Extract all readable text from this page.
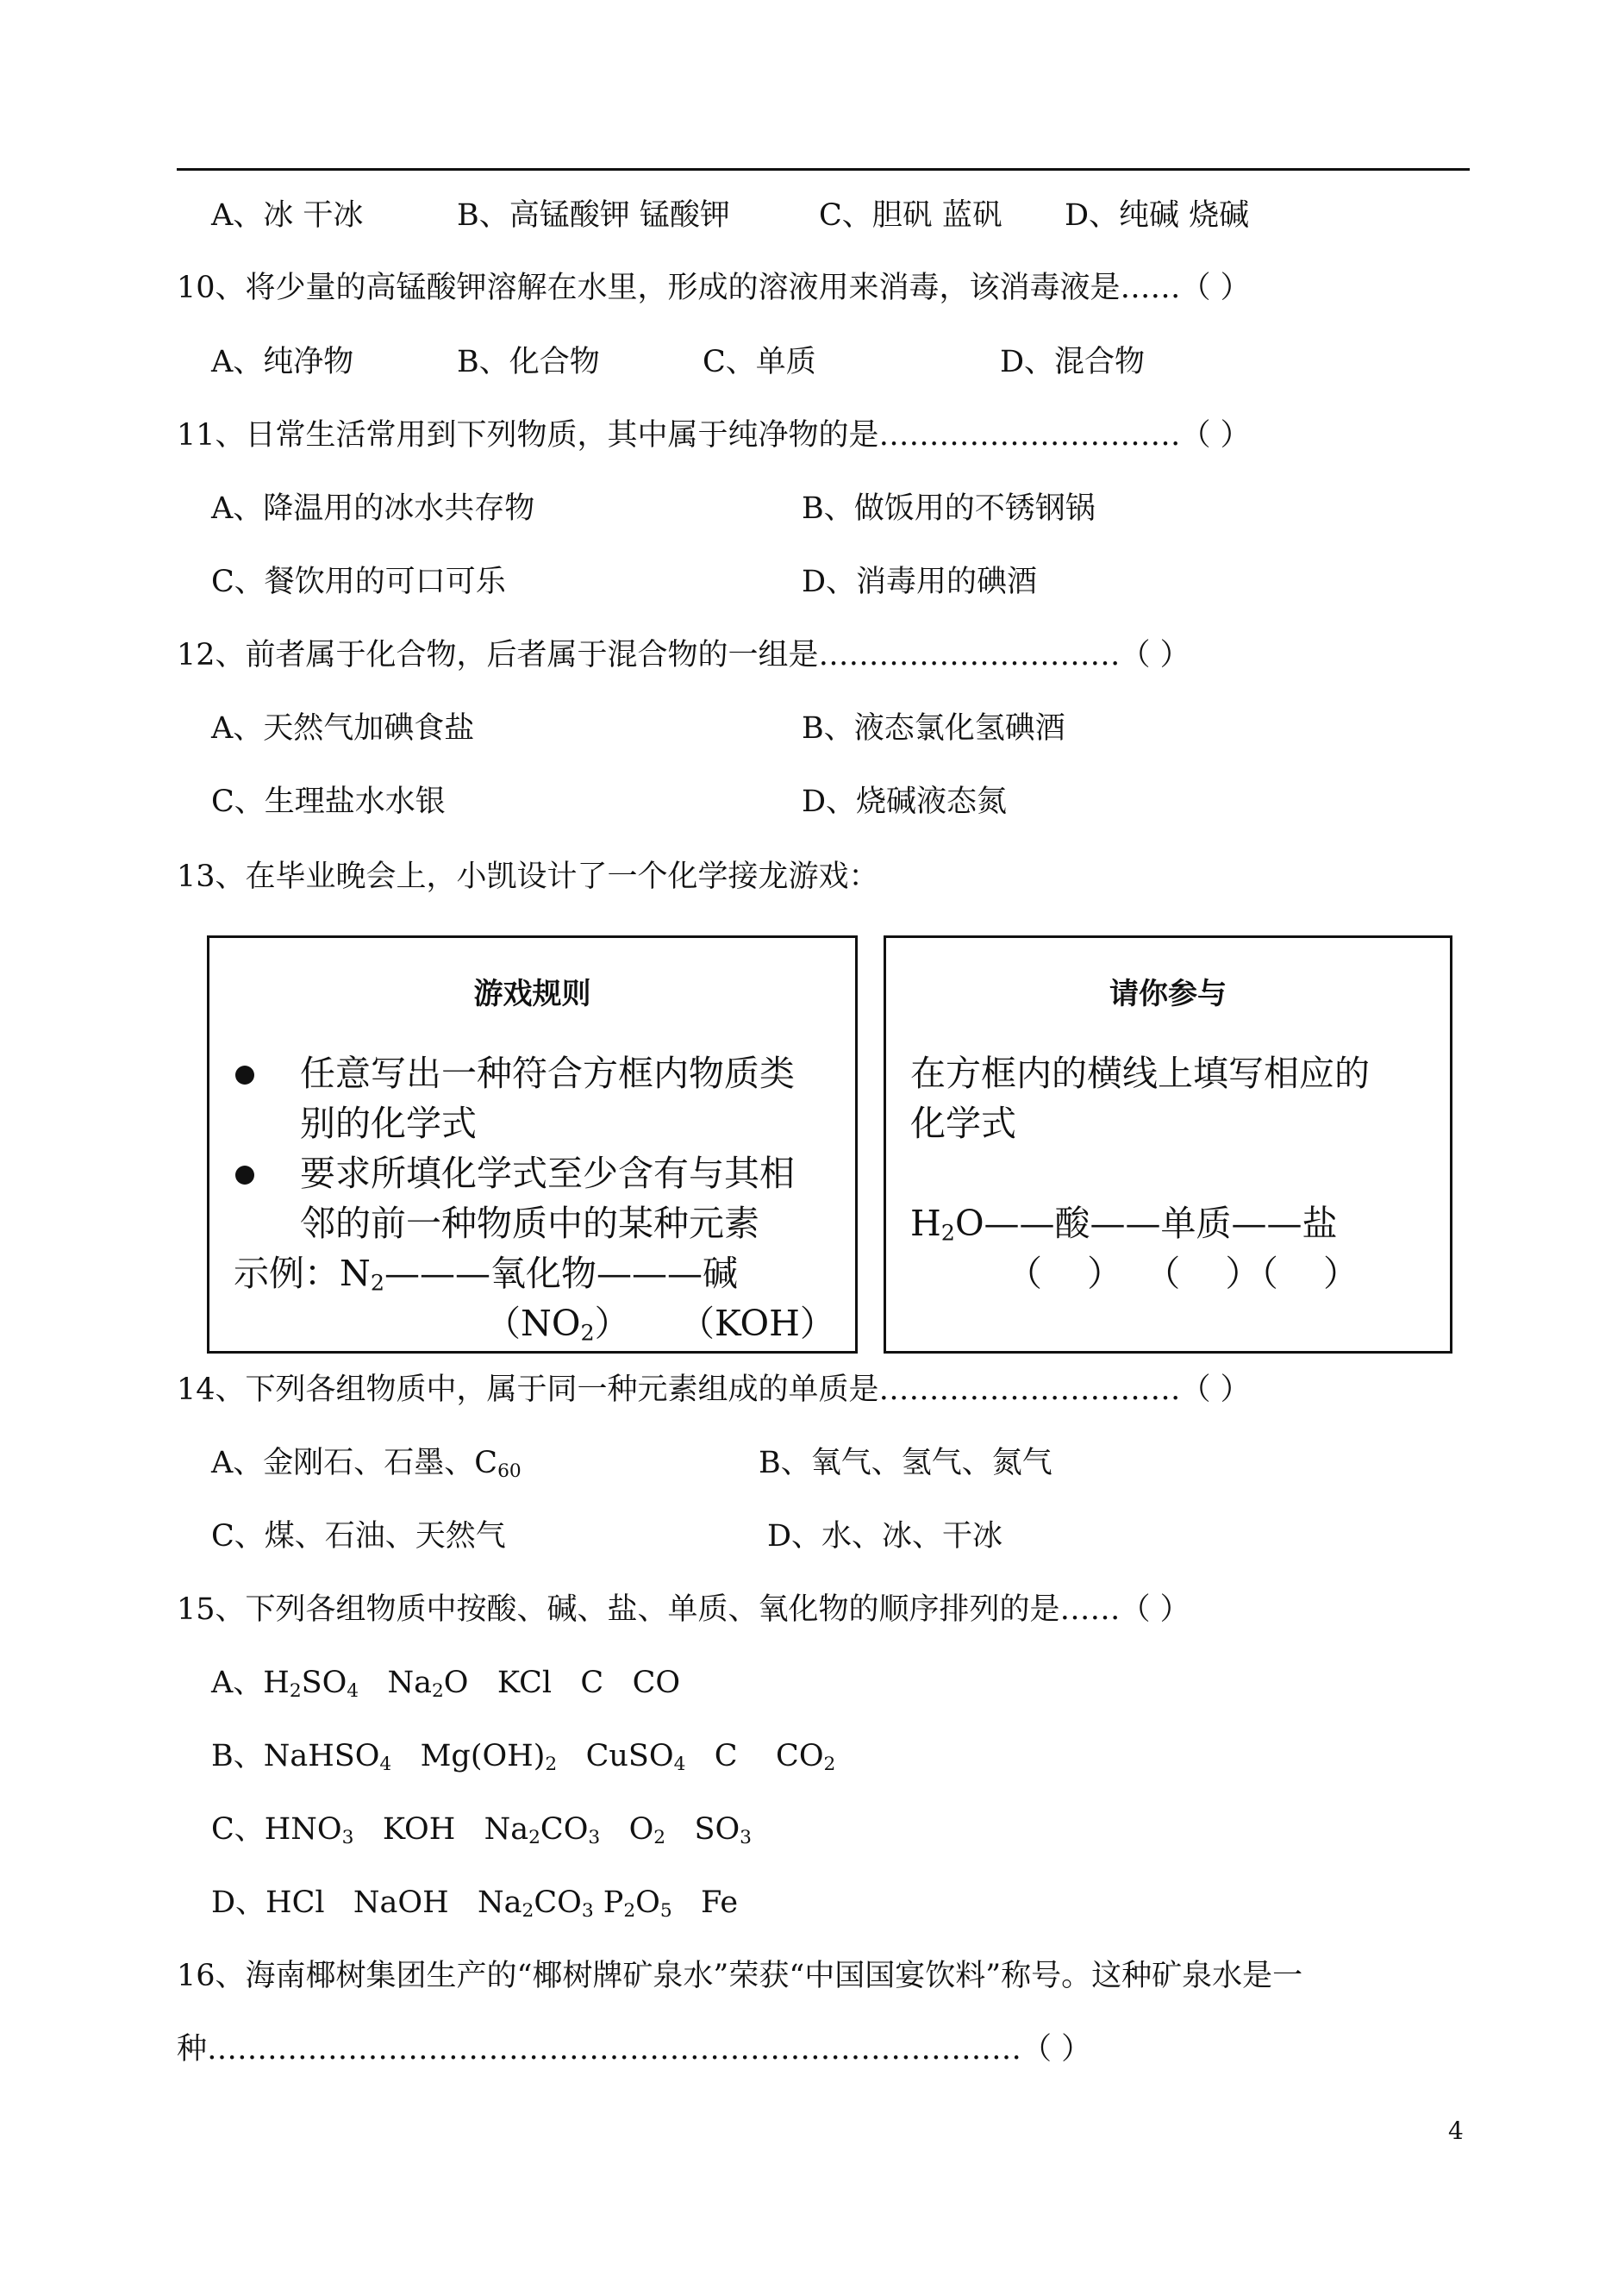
A、冰 干冰	B、高锰酸钾 锰酸钾	C、胆矾 蓝矾 D、纯碱 烧碱
10、将少量的高锰酸钾溶解在水里，形成的溶液用来消毒，该消毒液是……（ ）
A、纯净物	B、化合物	C、单质	D、混合物
11、日常生活常用到下列物质，其中属于纯净物的是…………………………（ ）
A、降温用的冰水共存物	B、做饭用的不锈钢锅
C、餐饮用的可口可乐	D、消毒用的碘酒
12、前者属于化合物，后者属于混合物的一组是…………………………（ ）
A、天然气加碘食盐	B、液态氯化氢碘酒
C、生理盐水水银	D、烧碱液态氮
13、在毕业晚会上，小凯设计了一个化学接龙游戏：
游戏规则
任意写出一种符合方框内物质类
别的化学式
要求所填化学式至少含有与其相
邻的前一种物质中的某种元素
示例：$N_2———$氧化物———碱
$(NO_2)$ （KOH）
请你参与
在方框内的横线上填写相应的
化学式
$H_2O——$酸——单质——盐
（    ）  （    ）（    ）
14、下列各组物质中，属于同一种元素组成的单质是…………………………（ ）
A、金刚石、石墨、$C_{60}$	B、氧气、氢气、氮气
C、煤、石油、天然气	D、水、冰、干冰
15、下列各组物质中按酸、碱、盐、单质、氧化物的顺序排列的是……（ ）
A、$H_2SO_4$   $Na_2O$   KCl   C   CO
B、NaHSO$_4$   $Mg(OH)_2$   CuSO$_4$   C    $CO_2$
C、$HNO_3$   KOH   $Na_2CO_3$   $O_2$   $SO_3$
D、HCl   NaOH   $Na_2CO_3$ $P_2O_5$   Fe
16、海南椰树集团生产的“椰树牌矿泉水”荣获“中国国宴饮料”称号。这种矿泉水是一
种………………………………………………………………………（ ）
4
